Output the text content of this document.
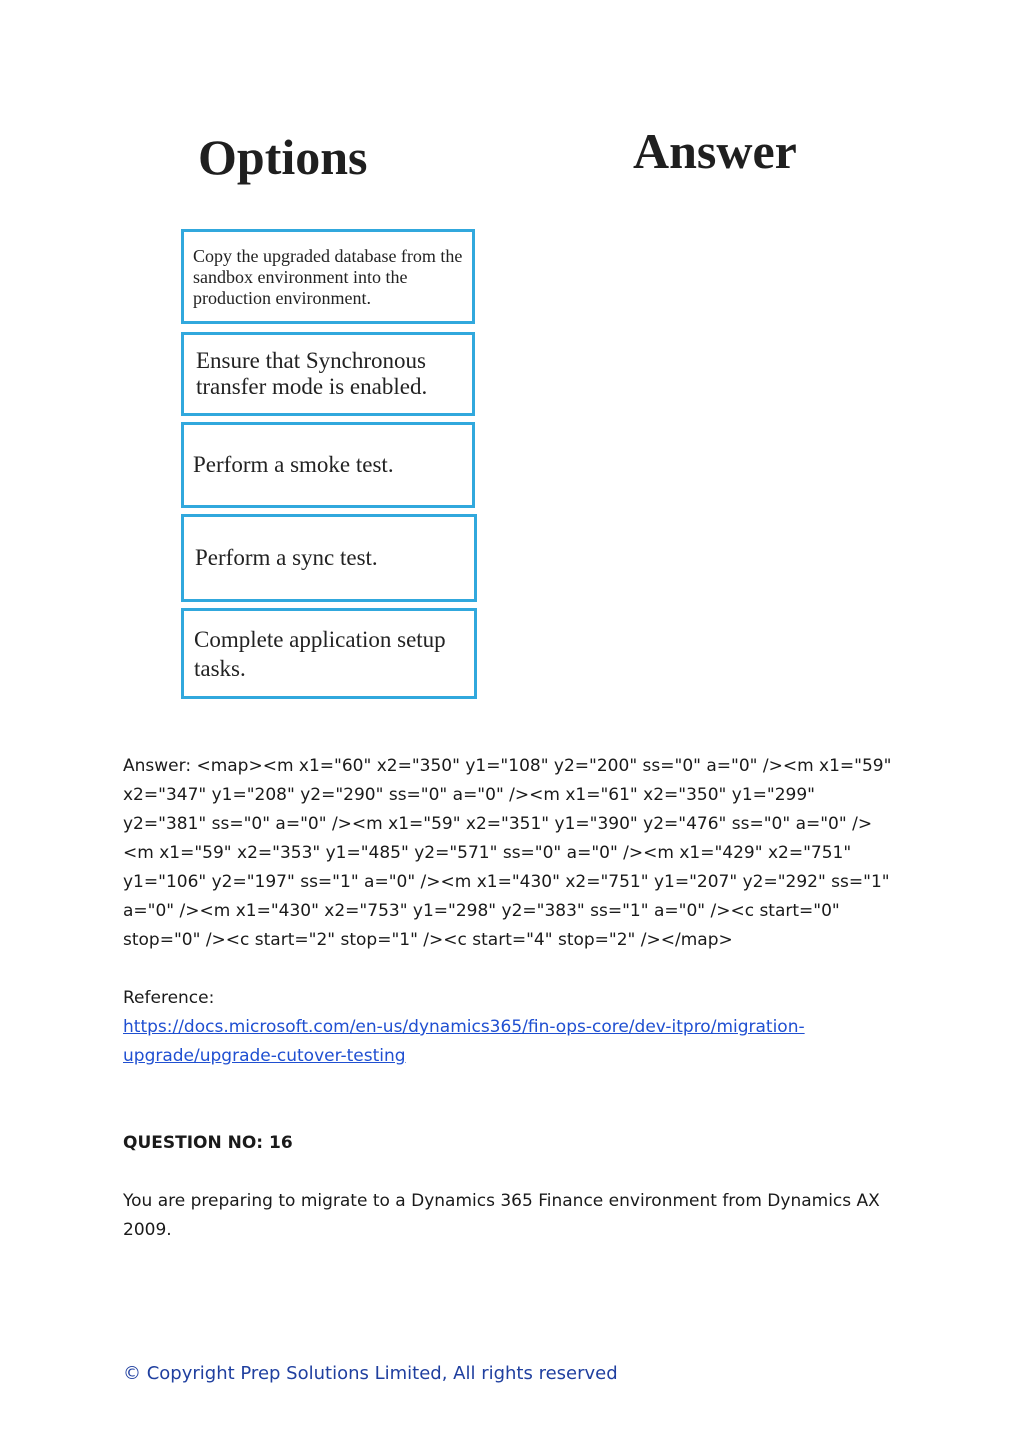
Options	Answer
Copy the upgraded database from the sandbox environment into the production environment.
Ensure that Synchronous transfer mode is enabled.
Perform a smoke test.
Perform a sync test.
Complete application setup tasks.

Answer: <map><m x1="60" x2="350" y1="108" y2="200" ss="0" a="0" /><m x1="59" x2="347" y1="208" y2="290" ss="0" a="0" /><m x1="61" x2="350" y1="299" y2="381" ss="0" a="0" /><m x1="59" x2="351" y1="390" y2="476" ss="0" a="0" /><m x1="59" x2="353" y1="485" y2="571" ss="0" a="0" /><m x1="429" x2="751" y1="106" y2="197" ss="1" a="0" /><m x1="430" x2="751" y1="207" y2="292" ss="1" a="0" /><m x1="430" x2="753" y1="298" y2="383" ss="1" a="0" /><c start="0" stop="0" /><c start="2" stop="1" /><c start="4" stop="2" /></map>

Reference:

https://docs.microsoft.com/en-us/dynamics365/fin-ops-core/dev-itpro/migration-upgrade/upgrade-cutover-testing

QUESTION NO: 16

You are preparing to migrate to a Dynamics 365 Finance environment from Dynamics AX 2009.

© Copyright Prep Solutions Limited, All rights reserved
